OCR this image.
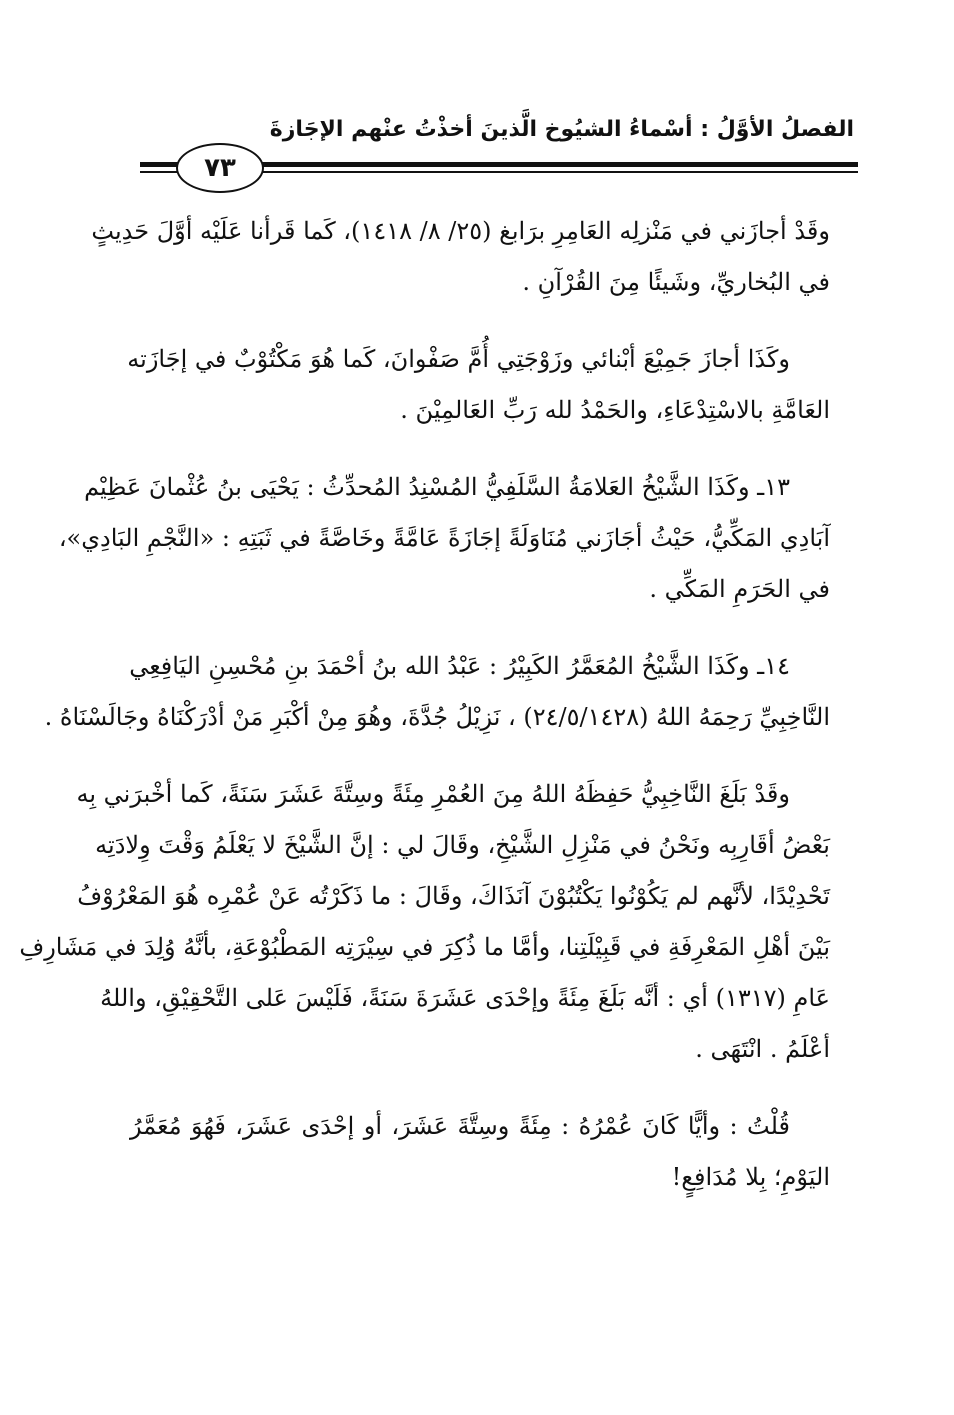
الفصلُ الأوَّلُ : أسْماءُ الشيُوخ الَّذينَ أخذْتُ عنْهم الإجَازةَ
٧٣
وقَدْ أجازَني في مَنْزلِه العَامِرِ برَابغ (٢٥/ ٨/ ١٤١٨)، كَما قَرأنا عَلَيْه أوَّلَ حَدِيثٍ
في البُخاريِّ، وشَيئًا مِنَ القُرْآنِ .
وكَذَا أجازَ جَمِيْعَ أبْنائي وزَوْجَتِي أُمَّ صَفْوانَ، كَما هُوَ مَكْتُوْبٌ في إجَازَته
العَامَّةِ بالاسْتِدْعَاءِ، والحَمْدُ لله رَبِّ العَالمِيْنَ .
١٣ـ وكَذَا الشَّيْخُ العَلامَةُ السَّلَفِيُّ المُسْنِدُ المُحدِّثُ : يَحْيَى بنُ عُثْمانَ عَظِيْم
آبَادِي المَكِّيُّ، حَيْثُ أجَازَني مُنَاوَلَةً إجَازَةً عَامَّةً وخَاصَّةً في ثَبَتِهِ : «النَّجْمِ البَادِي»،
في الحَرَمِ المَكِّي .
١٤ـ وكَذَا الشَّيْخُ المُعَمَّرُ الكَبِيْرُ : عَبْدُ الله بنُ أحْمَدَ بنِ مُحْسِنِ اليَافِعِي
النَّاخِبِيِّ رَحِمَهُ اللهُ (٢٤/٥/١٤٢٨) ، نَزِيْلُ جُدَّةَ، وهُوَ مِنْ أكْبَرِ مَنْ أدْرَكْنَاهُ وجَالَسْنَاهُ .
وقَدْ بَلَغَ النَّاخِبِيُّ حَفِظَهُ اللهُ مِنَ العُمْرِ مِئَةً وسِتَّةَ عَشَرَ سَنَةً، كَما أخْبرَني بِه
بَعْضُ أقَارِبِه ونَحْنُ في مَنْزِلِ الشَّيْخِ، وقَالَ لي : إنَّ الشَّيْخَ لا يَعْلَمُ وَقْتَ وِلادَتِه
تَحْدِيْدًا، لأنَّهم لم يَكُوْنُوا يَكْتُبُوْنَ آنَذَاكَ، وقَالَ : ما ذَكَرْتُه عَنْ عُمْرِه هُوَ المَعْرُوْفُ
بَيْنَ أهْلِ المَعْرِفَةِ في قَبِيْلَتِنا، وأمَّا ما ذُكِرَ في سِيْرَتِه المَطْبُوْعَةِ، بأنَّهُ وُلِدَ في مَشَارِفِ
عَامِ (١٣١٧) أي : أنَّه بَلَغَ مِئَةً وإحْدَى عَشَرَةَ سَنَةً، فَلَيْسَ عَلى التَّحْقِيْقِ، واللهُ
أعْلَمُ . انْتَهَى .
قُلْتُ : وأيًّا كَانَ عُمْرُهُ : مِئَةً وسِتَّةَ عَشَرَ، أو إحْدَى عَشَرَ، فَهُوَ مُعَمَّرُ
اليَوْمِ؛ بِلا مُدَافِعٍ!
